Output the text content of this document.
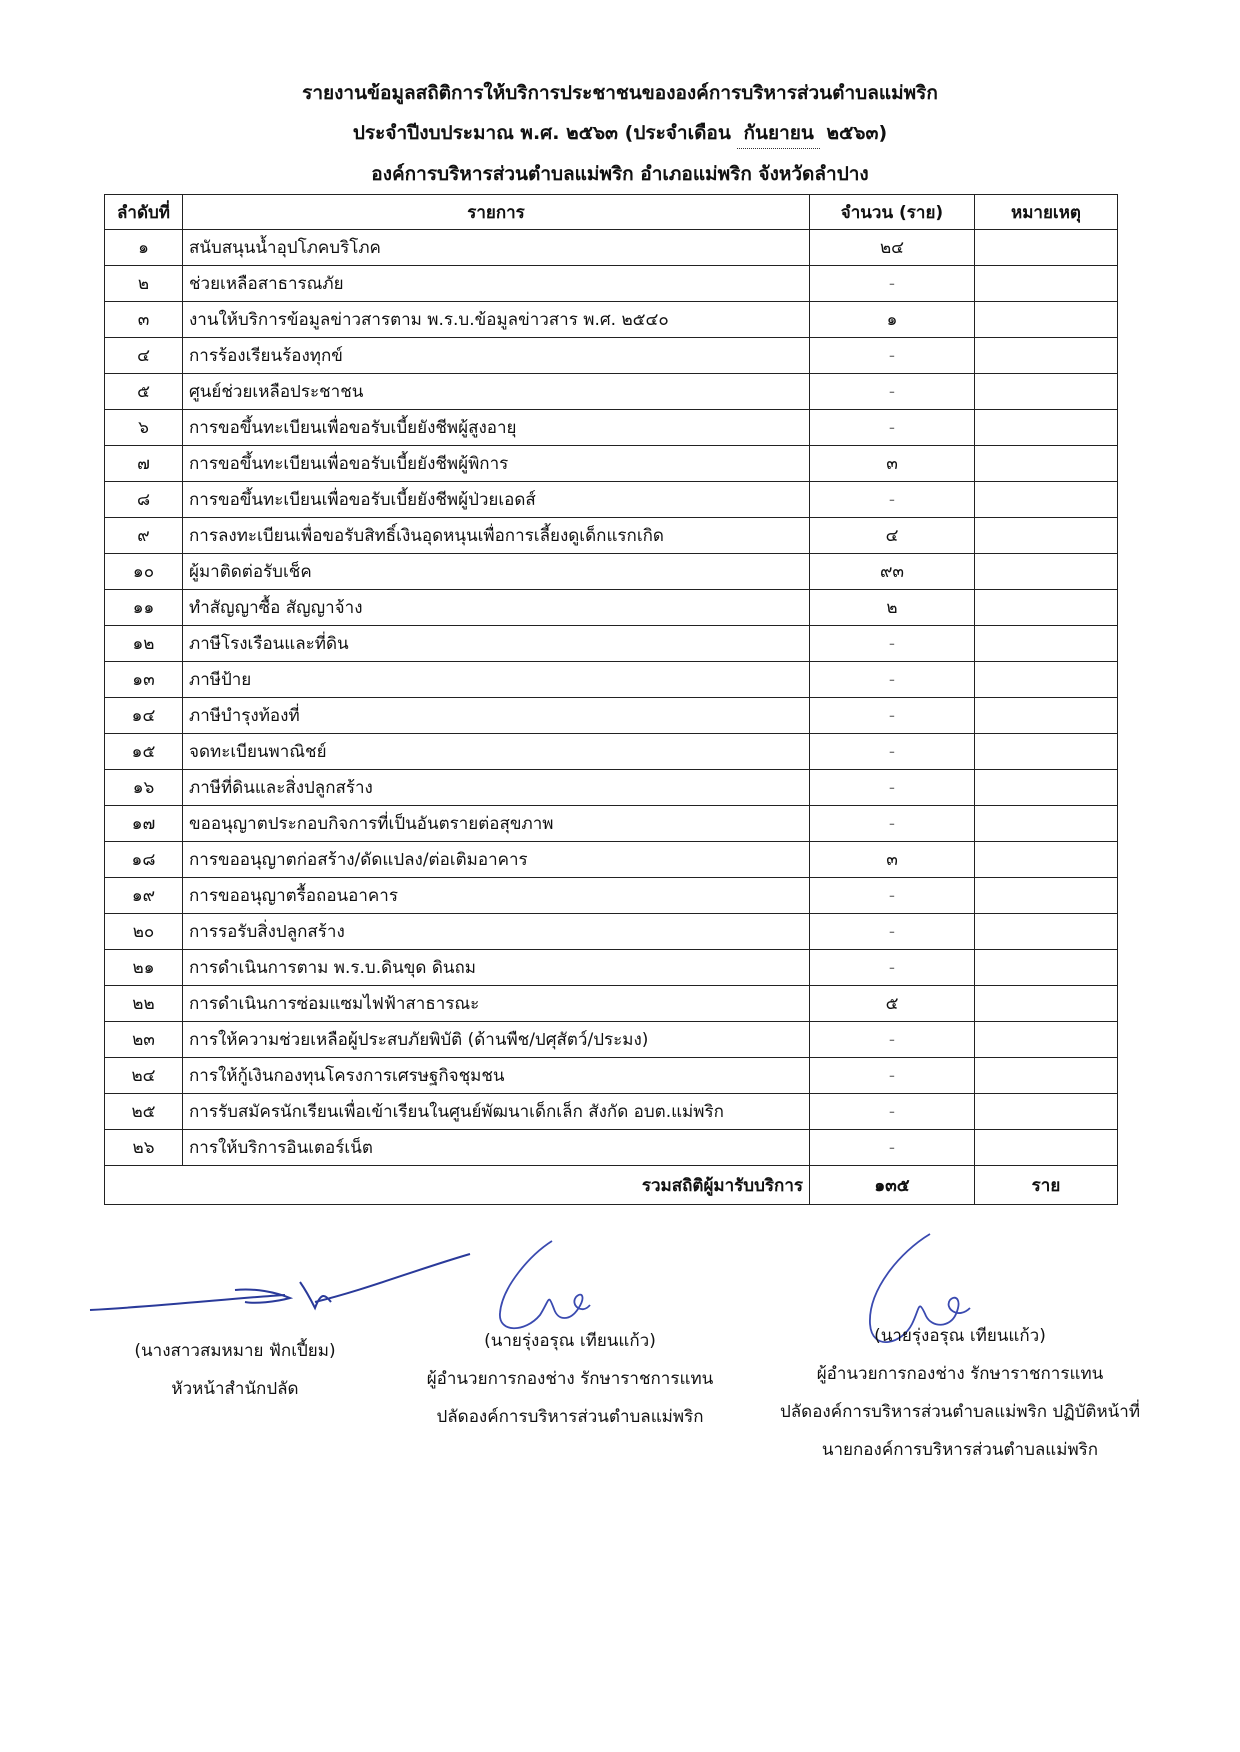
รายงานข้อมูลสถิติการให้บริการประชาชนขององค์การบริหารส่วนตำบลแม่พริก
ประจำปีงบประมาณ พ.ศ. ๒๕๖๓ (ประจำเดือน กันยายน ๒๕๖๓)
องค์การบริหารส่วนตำบลแม่พริก อำเภอแม่พริก จังหวัดลำปาง
ลำดับที่	รายการ	จำนวน (ราย)	หมายเหตุ
๑	สนับสนุนน้ำอุปโภคบริโภค	๒๔	
๒	ช่วยเหลือสาธารณภัย	-	
๓	งานให้บริการข้อมูลข่าวสารตาม พ.ร.บ.ข้อมูลข่าวสาร พ.ศ. ๒๕๔๐	๑	
๔	การร้องเรียนร้องทุกข์	-	
๕	ศูนย์ช่วยเหลือประชาชน	-	
๖	การขอขึ้นทะเบียนเพื่อขอรับเบี้ยยังชีพผู้สูงอายุ	-	
๗	การขอขึ้นทะเบียนเพื่อขอรับเบี้ยยังชีพผู้พิการ	๓	
๘	การขอขึ้นทะเบียนเพื่อขอรับเบี้ยยังชีพผู้ป่วยเอดส์	-	
๙	การลงทะเบียนเพื่อขอรับสิทธิ์เงินอุดหนุนเพื่อการเลี้ยงดูเด็กแรกเกิด	๔	
๑๐	ผู้มาติดต่อรับเช็ค	๙๓	
๑๑	ทำสัญญาซื้อ สัญญาจ้าง	๒	
๑๒	ภาษีโรงเรือนและที่ดิน	-	
๑๓	ภาษีป้าย	-	
๑๔	ภาษีบำรุงท้องที่	-	
๑๕	จดทะเบียนพาณิชย์	-	
๑๖	ภาษีที่ดินและสิ่งปลูกสร้าง	-	
๑๗	ขออนุญาตประกอบกิจการที่เป็นอันตรายต่อสุขภาพ	-	
๑๘	การขออนุญาตก่อสร้าง/ดัดแปลง/ต่อเติมอาคาร	๓	
๑๙	การขออนุญาตรื้อถอนอาคาร	-	
๒๐	การรอรับสิ่งปลูกสร้าง	-	
๒๑	การดำเนินการตาม พ.ร.บ.ดินขุด ดินถม	-	
๒๒	การดำเนินการซ่อมแซมไฟฟ้าสาธารณะ	๕	
๒๓	การให้ความช่วยเหลือผู้ประสบภัยพิบัติ (ด้านพืช/ปศุสัตว์/ประมง)	-	
๒๔	การให้กู้เงินกองทุนโครงการเศรษฐกิจชุมชน	-	
๒๕	การรับสมัครนักเรียนเพื่อเข้าเรียนในศูนย์พัฒนาเด็กเล็ก สังกัด อบต.แม่พริก	-	
๒๖	การให้บริการอินเตอร์เน็ต	-	
รวมสถิติผู้มารับบริการ		๑๓๕	ราย
(นางสาวสมหมาย ฟักเปี้ยม)
หัวหน้าสำนักปลัด
(นายรุ่งอรุณ เทียนแก้ว)
ผู้อำนวยการกองช่าง รักษาราชการแทน
ปลัดองค์การบริหารส่วนตำบลแม่พริก
(นายรุ่งอรุณ เทียนแก้ว)
ผู้อำนวยการกองช่าง รักษาราชการแทน
ปลัดองค์การบริหารส่วนตำบลแม่พริก ปฏิบัติหน้าที่
นายกองค์การบริหารส่วนตำบลแม่พริก
